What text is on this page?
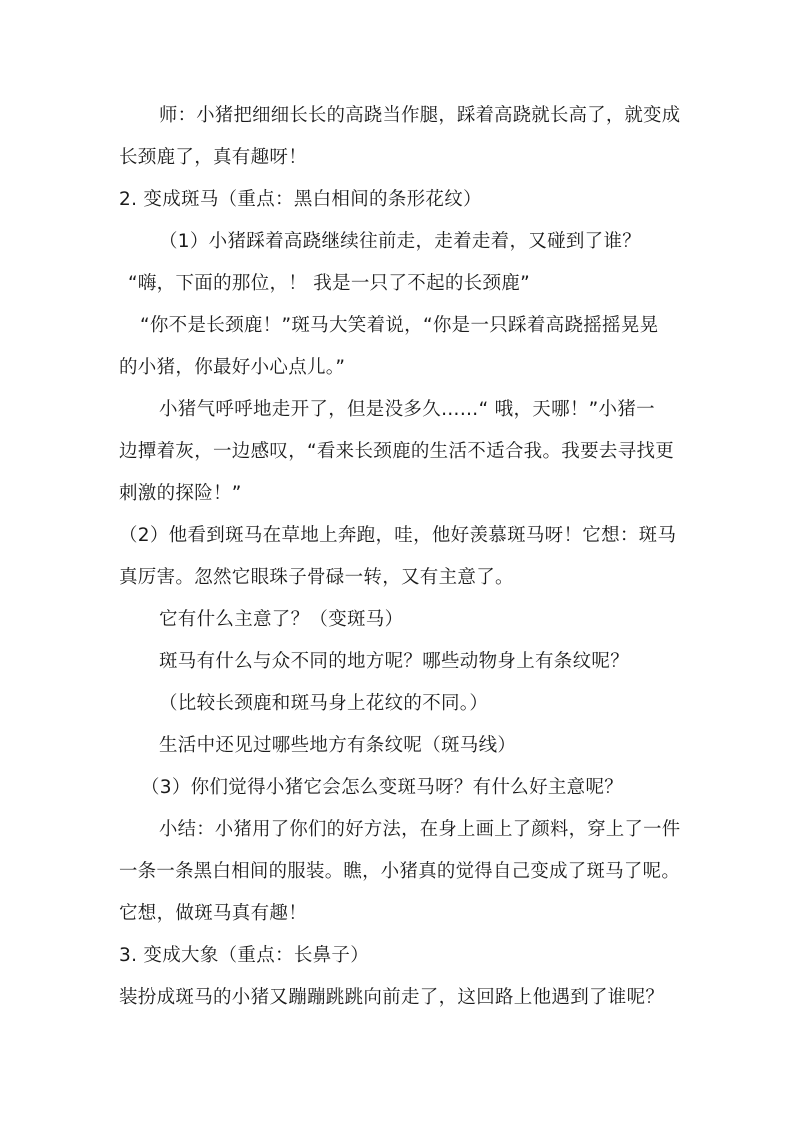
师：小猪把细细长长的高跷当作腿，踩着高跷就长高了，就变成
长颈鹿了，真有趣呀！
2. 变成斑马（重点：黑白相间的条形花纹）
（1）小猪踩着高跷继续往前走，走着走着，又碰到了谁？
“嗨，下面的那位，！ 我是一只了不起的长颈鹿”
“你不是长颈鹿！”斑马大笑着说，“你是一只踩着高跷摇摇晃晃
的小猪，你最好小心点儿。”
小猪气呼呼地走开了，但是没多久……“ 哦，天哪！”小猪一
边撢着灰，一边感叹，“看来长颈鹿的生活不适合我。我要去寻找更
刺激的探险！”
（2）他看到斑马在草地上奔跑，哇，他好羡慕斑马呀！它想：斑马
真厉害。忽然它眼珠子骨碌一转，又有主意了。
它有什么主意了？（变斑马）
斑马有什么与众不同的地方呢？哪些动物身上有条纹呢？
（比较长颈鹿和斑马身上花纹的不同。）
生活中还见过哪些地方有条纹呢（斑马线）
（3）你们觉得小猪它会怎么变斑马呀？有什么好主意呢？
小结：小猪用了你们的好方法，在身上画上了颜料，穿上了一件
一条一条黑白相间的服装。瞧，小猪真的觉得自己变成了斑马了呢。
它想，做斑马真有趣！
3. 变成大象（重点：长鼻子）
装扮成斑马的小猪又蹦蹦跳跳向前走了，这回路上他遇到了谁呢？
